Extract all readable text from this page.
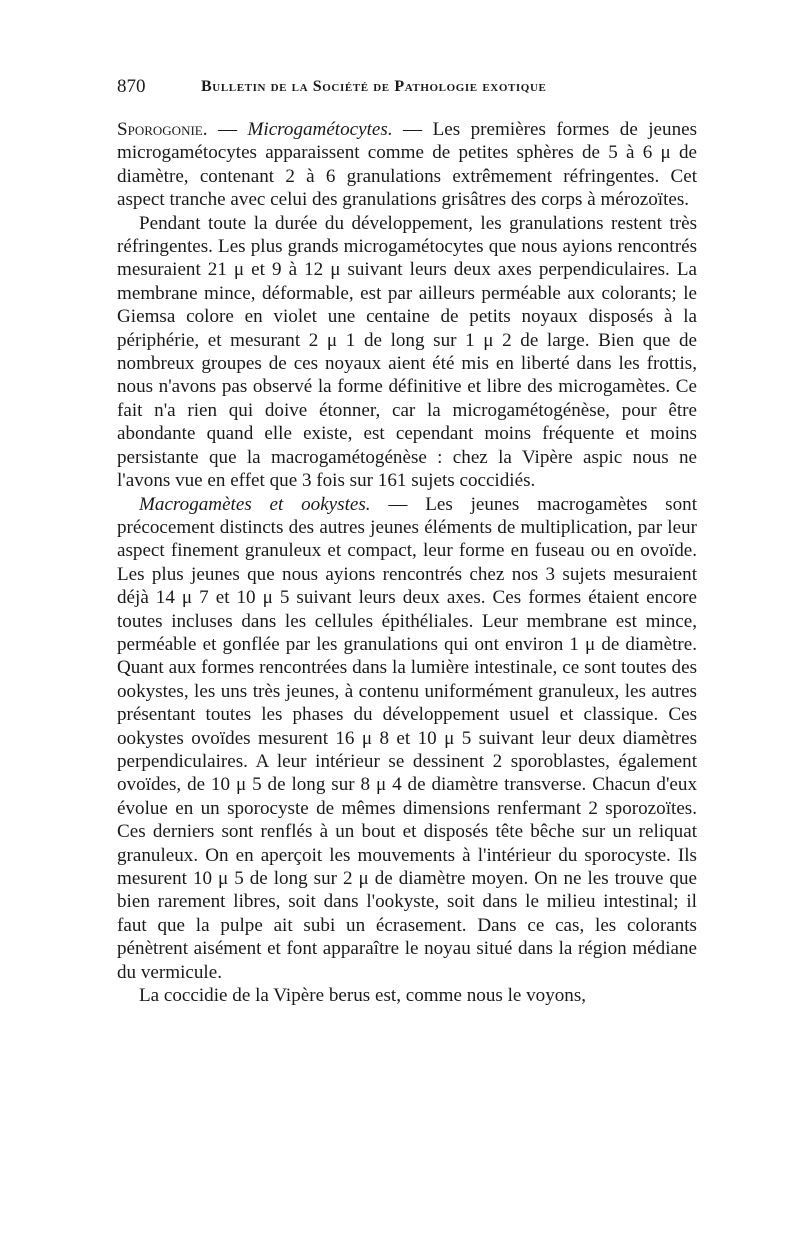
870	Bulletin de la Société de Pathologie exotique

Sporogonie. — Microgamétocytes. — Les premières formes de jeunes microgamétocytes apparaissent comme de petites sphères de 5 à 6 μ de diamètre, contenant 2 à 6 granulations extrêmement réfringentes. Cet aspect tranche avec celui des granulations grisâtres des corps à mérozoïtes.

Pendant toute la durée du développement, les granulations restent très réfringentes. Les plus grands microgamétocytes que nous ayions rencontrés mesuraient 21 μ et 9 à 12 μ suivant leurs deux axes perpendiculaires. La membrane mince, déformable, est par ailleurs perméable aux colorants; le Giemsa colore en violet une centaine de petits noyaux disposés à la périphérie, et mesurant 2 μ 1 de long sur 1 μ 2 de large. Bien que de nombreux groupes de ces noyaux aient été mis en liberté dans les frottis, nous n'avons pas observé la forme définitive et libre des microgamètes. Ce fait n'a rien qui doive étonner, car la microgamétogénèse, pour être abondante quand elle existe, est cependant moins fréquente et moins persistante que la macrogamétogénèse : chez la Vipère aspic nous ne l'avons vue en effet que 3 fois sur 161 sujets coccidiés.

Macrogamètes et ookystes. — Les jeunes macrogamètes sont précocement distincts des autres jeunes éléments de multiplication, par leur aspect finement granuleux et compact, leur forme en fuseau ou en ovoïde. Les plus jeunes que nous ayions rencontrés chez nos 3 sujets mesuraient déjà 14 μ 7 et 10 μ 5 suivant leurs deux axes. Ces formes étaient encore toutes incluses dans les cellules épithéliales. Leur membrane est mince, perméable et gonflée par les granulations qui ont environ 1 μ de diamètre. Quant aux formes rencontrées dans la lumière intestinale, ce sont toutes des ookystes, les uns très jeunes, à contenu uniformément granuleux, les autres présentant toutes les phases du développement usuel et classique. Ces ookystes ovoïdes mesurent 16 μ 8 et 10 μ 5 suivant leur deux diamètres perpendiculaires. A leur intérieur se dessinent 2 sporoblastes, également ovoïdes, de 10 μ 5 de long sur 8 μ 4 de diamètre transverse. Chacun d'eux évolue en un sporocyste de mêmes dimensions renfermant 2 sporozoïtes. Ces derniers sont renflés à un bout et disposés tête bêche sur un reliquat granuleux. On en aperçoit les mouvements à l'intérieur du sporocyste. Ils mesurent 10 μ 5 de long sur 2 μ de diamètre moyen. On ne les trouve que bien rarement libres, soit dans l'ookyste, soit dans le milieu intestinal; il faut que la pulpe ait subi un écrasement. Dans ce cas, les colorants pénètrent aisément et font apparaître le noyau situé dans la région médiane du vermicule.

La coccidie de la Vipère berus est, comme nous le voyons,
